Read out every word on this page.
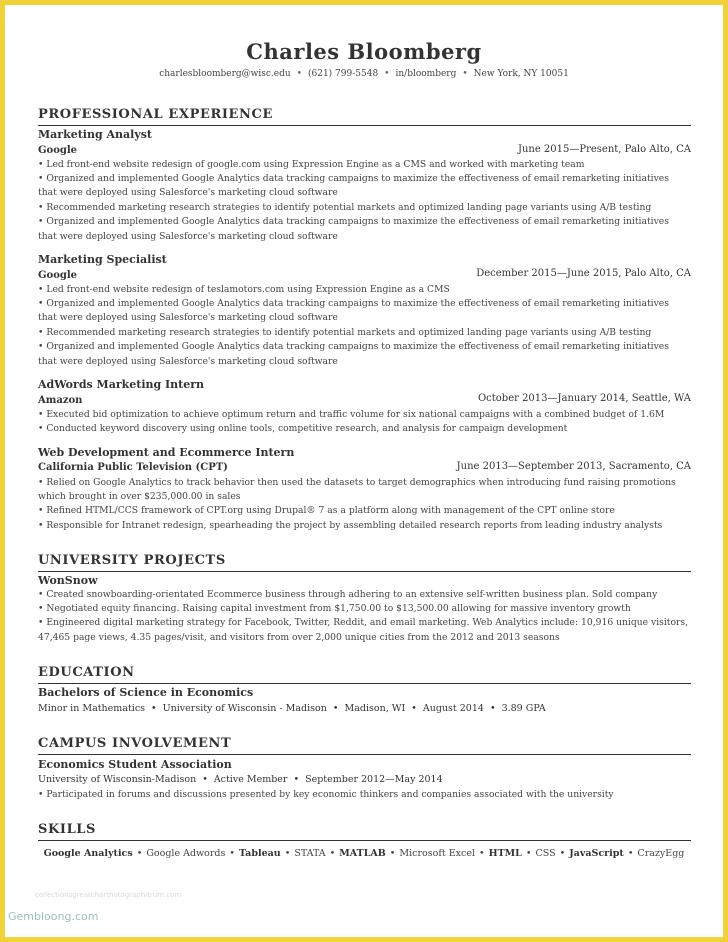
Charles Bloomberg
charlesbloomberg@wisc.edu • (621) 799-5548 • in/bloomberg • New York, NY 10051
PROFESSIONAL EXPERIENCE
Marketing Analyst
Google	June 2015—Present, Palo Alto, CA
• Led front-end website redesign of google.com using Expression Engine as a CMS and worked with marketing team
• Organized and implemented Google Analytics data tracking campaigns to maximize the effectiveness of email remarketing initiatives
that were deployed using Salesforce's marketing cloud software
• Recommended marketing research strategies to identify potential markets and optimized landing page variants using A/B testing
• Organized and implemented Google Analytics data tracking campaigns to maximize the effectiveness of email remarketing initiatives
that were deployed using Salesforce's marketing cloud software
Marketing Specialist
Google	December 2015—June 2015, Palo Alto, CA
• Led front-end website redesign of teslamotors.com using Expression Engine as a CMS
• Organized and implemented Google Analytics data tracking campaigns to maximize the effectiveness of email remarketing initiatives
that were deployed using Salesforce's marketing cloud software
• Recommended marketing research strategies to identify potential markets and optimized landing page variants using A/B testing
• Organized and implemented Google Analytics data tracking campaigns to maximize the effectiveness of email remarketing initiatives
that were deployed using Salesforce's marketing cloud software
AdWords Marketing Intern
Amazon	October 2013—January 2014, Seattle, WA
• Executed bid optimization to achieve optimum return and traffic volume for six national campaigns with a combined budget of 1.6M
• Conducted keyword discovery using online tools, competitive research, and analysis for campaign development
Web Development and Ecommerce Intern
California Public Television (CPT)	June 2013—September 2013, Sacramento, CA
• Relied on Google Analytics to track behavior then used the datasets to target demographics when introducing fund raising promotions
which brought in over $235,000.00 in sales
• Refined HTML/CCS framework of CPT.org using Drupal® 7 as a platform along with management of the CPT online store
• Responsible for Intranet redesign, spearheading the project by assembling detailed research reports from leading industry analysts
UNIVERSITY PROJECTS
WonSnow
• Created snowboarding-orientated Ecommerce business through adhering to an extensive self-written business plan. Sold company
• Negotiated equity financing. Raising capital investment from $1,750.00 to $13,500.00 allowing for massive inventory growth
• Engineered digital marketing strategy for Facebook, Twitter, Reddit, and email marketing. Web Analytics include: 10,916 unique visitors,
47,465 page views, 4.35 pages/visit, and visitors from over 2,000 unique cities from the 2012 and 2013 seasons
EDUCATION
Bachelors of Science in Economics
Minor in Mathematics • University of Wisconsin - Madison • Madison, WI • August 2014 • 3.89 GPA
CAMPUS INVOLVEMENT
Economics Student Association
University of Wisconsin-Madison • Active Member • September 2012—May 2014
• Participated in forums and discussions presented by key economic thinkers and companies associated with the university
SKILLS
Google Analytics • Google Adwords • Tableau • STATA • MATLAB • Microsoft Excel • HTML • CSS • JavaScript • CrazyEgg
collectionsgreatcharthotographitrum.com
Gembloong.com
